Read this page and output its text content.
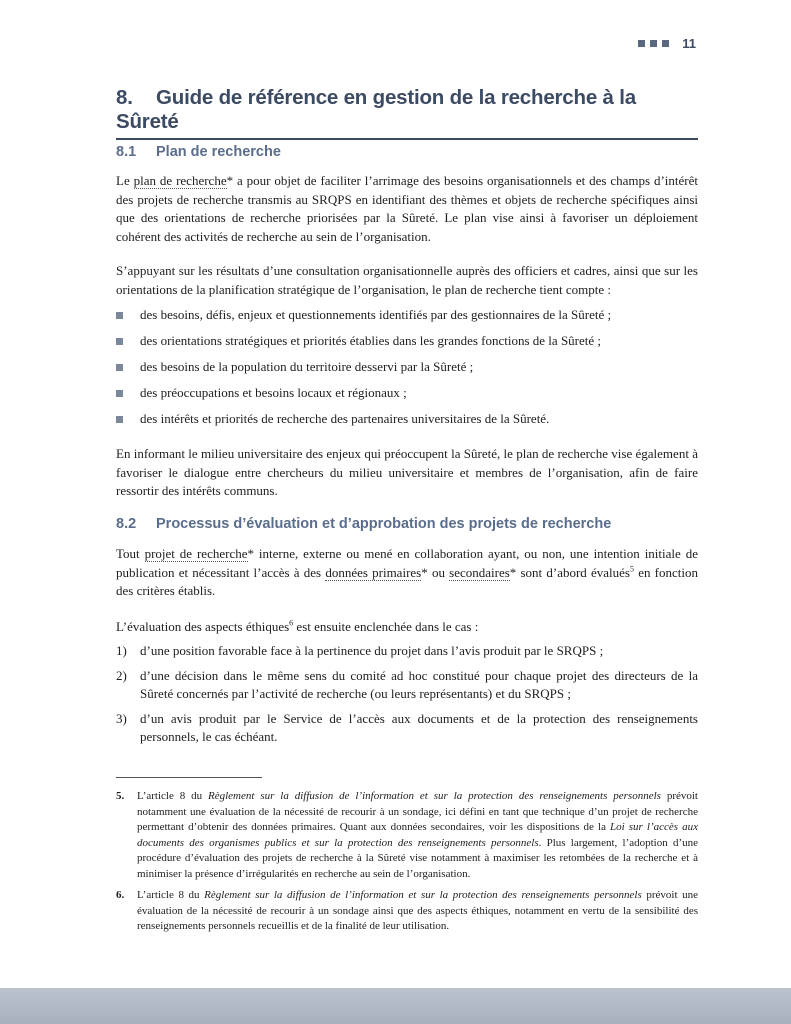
11
8. Guide de référence en gestion de la recherche à la Sûreté
8.1 Plan de recherche

Le plan de recherche* a pour objet de faciliter l’arrimage des besoins organisationnels et des champs d’intérêt des projets de recherche transmis au SRQPS en identifiant des thèmes et objets de recherche spécifiques ainsi que des orientations de recherche priorisées par la Sûreté. Le plan vise ainsi à favoriser un déploiement cohérent des activités de recherche au sein de l’organisation.

S’appuyant sur les résultats d’une consultation organisationnelle auprès des officiers et cadres, ainsi que sur les orientations de la planification stratégique de l’organisation, le plan de recherche tient compte :

des besoins, défis, enjeux et questionnements identifiés par des gestionnaires de la Sûreté ;
des orientations stratégiques et priorités établies dans les grandes fonctions de la Sûreté ;
des besoins de la population du territoire desservi par la Sûreté ;
des préoccupations et besoins locaux et régionaux ;
des intérêts et priorités de recherche des partenaires universitaires de la Sûreté.

En informant le milieu universitaire des enjeux qui préoccupent la Sûreté, le plan de recherche vise également à favoriser le dialogue entre chercheurs du milieu universitaire et membres de l’organisation, afin de faire ressortir des intérêts communs.

8.2 Processus d’évaluation et d’approbation des projets de recherche

Tout projet de recherche* interne, externe ou mené en collaboration ayant, ou non, une intention initiale de publication et nécessitant l’accès à des données primaires* ou secondaires* sont d’abord évalués$^5$ en fonction des critères établis.

L’évaluation des aspects éthiques$^6$ est ensuite enclenchée dans le cas :

1) d’une position favorable face à la pertinence du projet dans l’avis produit par le SRQPS ;
2) d’une décision dans le même sens du comité ad hoc constitué pour chaque projet des directeurs de la Sûreté concernés par l’activité de recherche (ou leurs représentants) et du SRQPS ;
3) d’un avis produit par le Service de l’accès aux documents et de la protection des renseignements personnels, le cas échéant.
5.	L’article 8 du Règlement sur la diffusion de l’information et sur la protection des renseignements personnels prévoit notamment une évaluation de la nécessité de recourir à un sondage, ici défini en tant que technique d’un projet de recherche permettant d’obtenir des données primaires. Quant aux données secondaires, voir les dispositions de la Loi sur l’accès aux documents des organismes publics et sur la protection des renseignements personnels. Plus largement, l’adoption d’une procédure d’évaluation des projets de recherche à la Sûreté vise notamment à maximiser les retombées de la recherche et à minimiser la présence d’irrégularités en recherche au sein de l’organisation.
6.	L’article 8 du Règlement sur la diffusion de l’information et sur la protection des renseignements personnels prévoit une évaluation de la nécessité de recourir à un sondage ainsi que des aspects éthiques, notamment en vertu de la sensibilité des renseignements personnels recueillis et de la finalité de leur utilisation.
